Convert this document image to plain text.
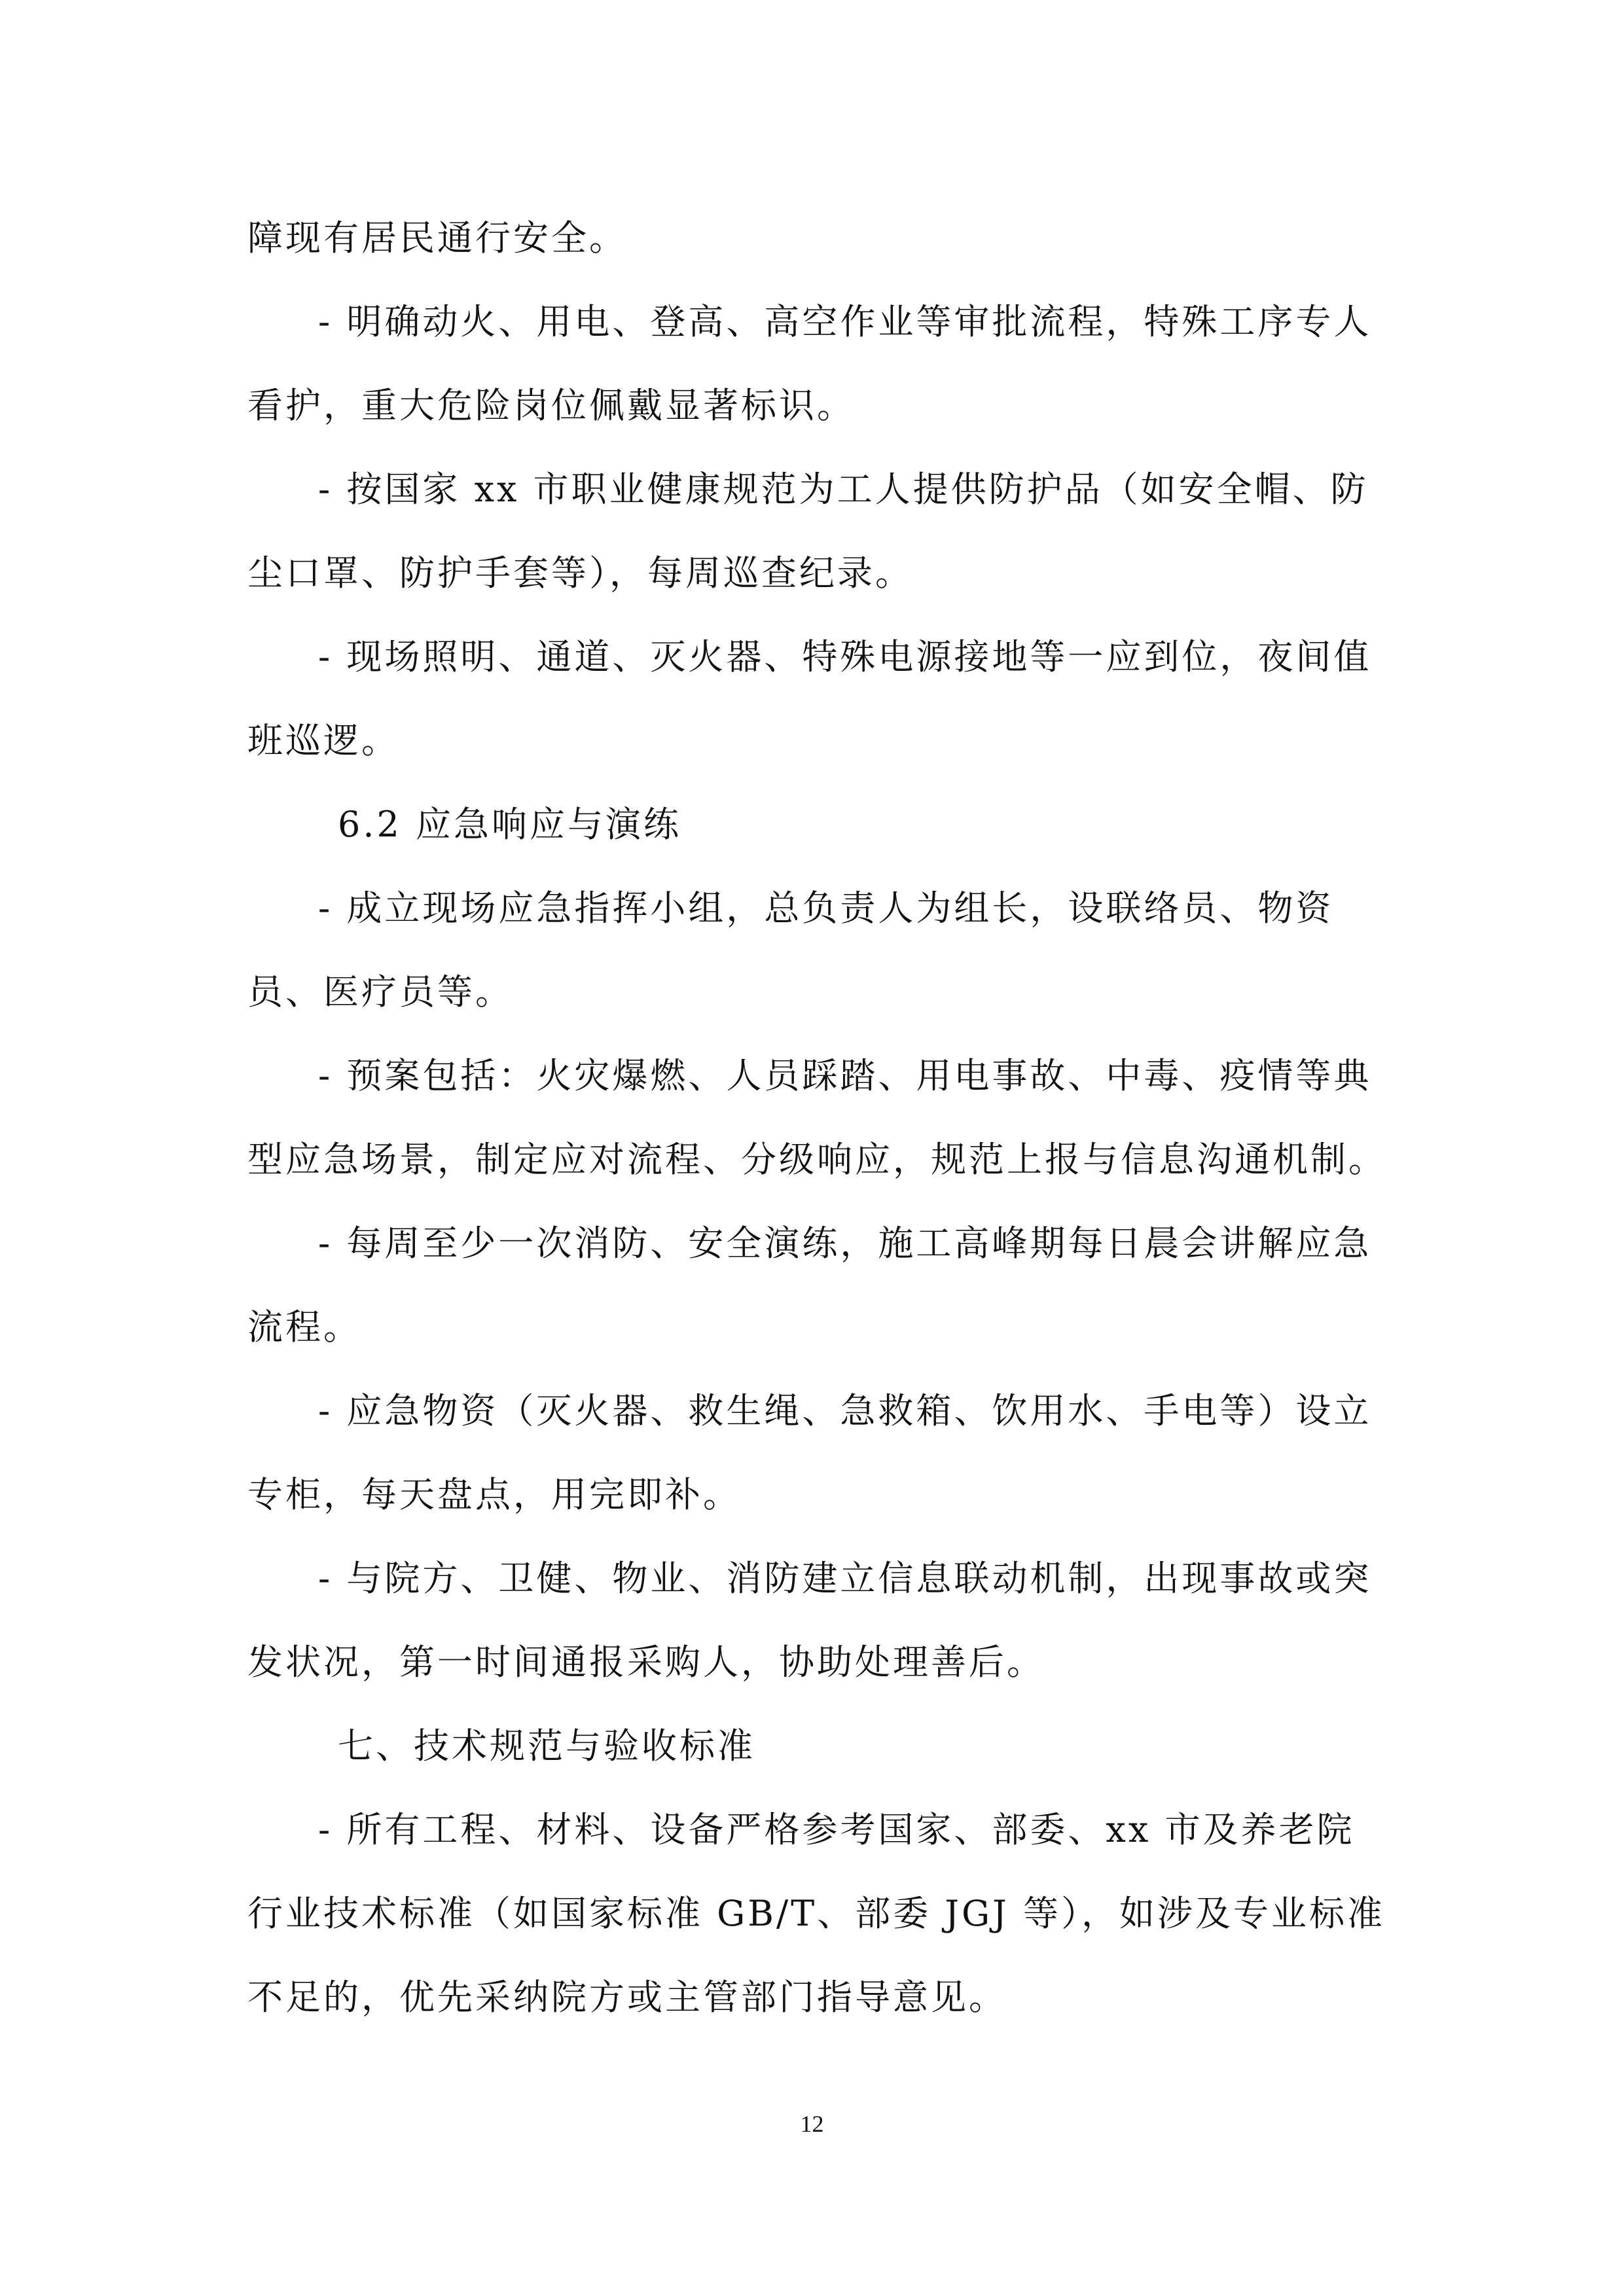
障现有居民通行安全。

- 明确动火、用电、登高、高空作业等审批流程，特殊工序专人看护，重大危险岗位佩戴显著标识。

- 按国家 xx 市职业健康规范为工人提供防护品（如安全帽、防尘口罩、防护手套等），每周巡查纪录。

- 现场照明、通道、灭火器、特殊电源接地等一应到位，夜间值班巡逻。

6.2 应急响应与演练

- 成立现场应急指挥小组，总负责人为组长，设联络员、物资员、医疗员等。

- 预案包括：火灾爆燃、人员踩踏、用电事故、中毒、疫情等典型应急场景，制定应对流程、分级响应，规范上报与信息沟通机制。

- 每周至少一次消防、安全演练，施工高峰期每日晨会讲解应急流程。

- 应急物资（灭火器、救生绳、急救箱、饮用水、手电等）设立专柜，每天盘点，用完即补。

- 与院方、卫健、物业、消防建立信息联动机制，出现事故或突发状况，第一时间通报采购人，协助处理善后。

七、技术规范与验收标准

- 所有工程、材料、设备严格参考国家、部委、xx 市及养老院行业技术标准（如国家标准 GB/T、部委 JGJ 等），如涉及专业标准不足的，优先采纳院方或主管部门指导意见。

12
